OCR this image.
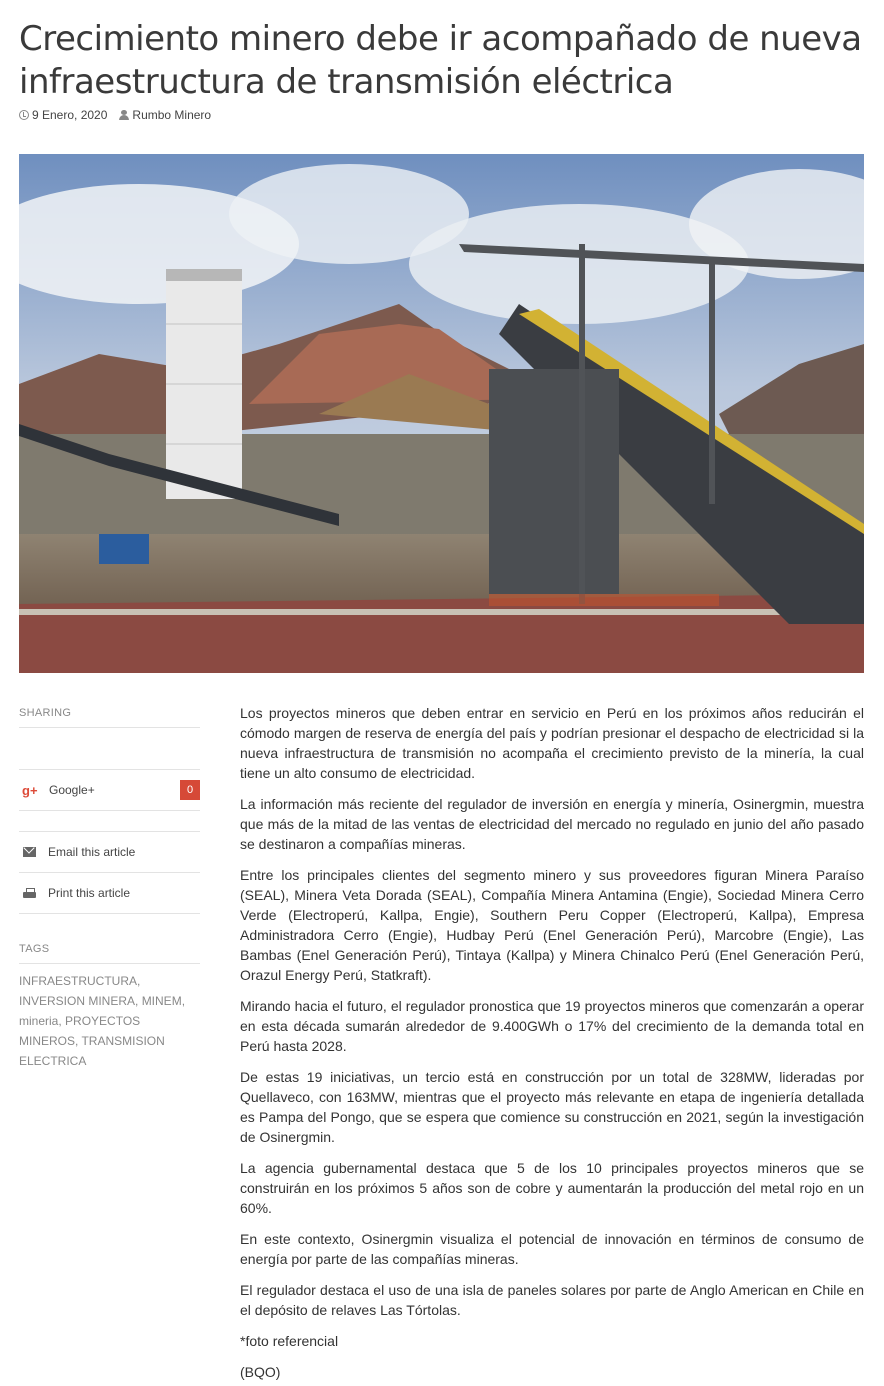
Crecimiento minero debe ir acompañado de nueva infraestructura de transmisión eléctrica
9 Enero, 2020 Rumbo Minero
SHARING
g+ Google+	0
Email this article
Print this article
TAGS
INFRAESTRUCTURA,
INVERSION MINERA, MINEM,
mineria, PROYECTOS MINEROS, TRANSMISION ELECTRICA

Los proyectos mineros que deben entrar en servicio en Perú en los próximos años reducirán el cómodo margen de reserva de energía del país y podrían presionar el despacho de electricidad si la nueva infraestructura de transmisión no acompaña el crecimiento previsto de la minería, la cual tiene un alto consumo de electricidad.

La información más reciente del regulador de inversión en energía y minería, Osinergmin, muestra que más de la mitad de las ventas de electricidad del mercado no regulado en junio del año pasado se destinaron a compañías mineras.

Entre los principales clientes del segmento minero y sus proveedores figuran Minera Paraíso (SEAL), Minera Veta Dorada (SEAL), Compañía Minera Antamina (Engie), Sociedad Minera Cerro Verde (Electroperú, Kallpa, Engie), Southern Peru Copper (Electroperú, Kallpa), Empresa Administradora Cerro (Engie), Hudbay Perú (Enel Generación Perú), Marcobre (Engie), Las Bambas (Enel Generación Perú), Tintaya (Kallpa) y Minera Chinalco Perú (Enel Generación Perú, Orazul Energy Perú, Statkraft).

Mirando hacia el futuro, el regulador pronostica que 19 proyectos mineros que comenzarán a operar en esta década sumarán alrededor de 9.400GWh o 17% del crecimiento de la demanda total en Perú hasta 2028.

De estas 19 iniciativas, un tercio está en construcción por un total de 328MW, lideradas por Quellaveco, con 163MW, mientras que el proyecto más relevante en etapa de ingeniería detallada es Pampa del Pongo, que se espera que comience su construcción en 2021, según la investigación de Osinergmin.

La agencia gubernamental destaca que 5 de los 10 principales proyectos mineros que se construirán en los próximos 5 años son de cobre y aumentarán la producción del metal rojo en un 60%.

En este contexto, Osinergmin visualiza el potencial de innovación en términos de consumo de energía por parte de las compañías mineras.

El regulador destaca el uso de una isla de paneles solares por parte de Anglo American en Chile en el depósito de relaves Las Tórtolas.

*foto referencial

(BQO)
